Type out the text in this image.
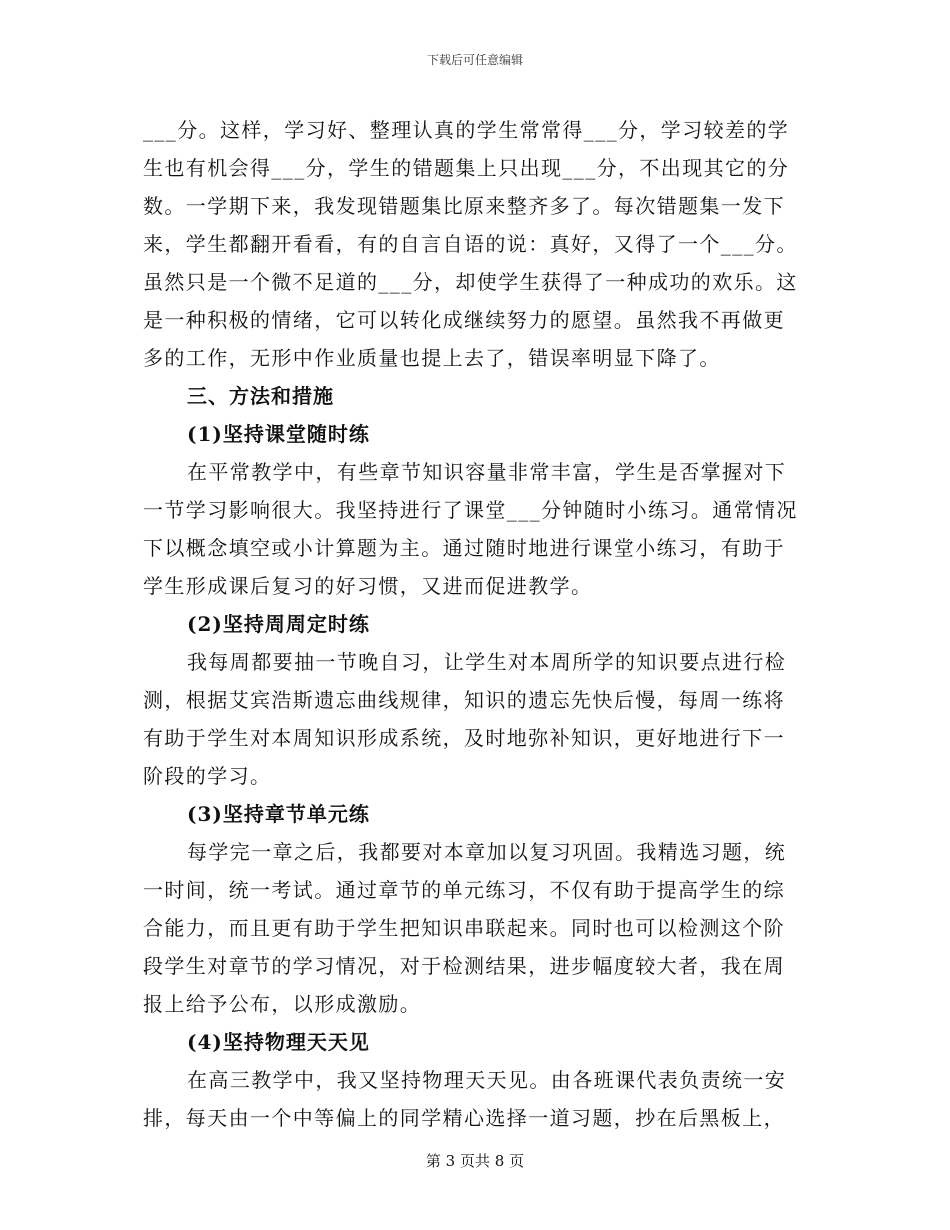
下载后可任意编辑
___分。这样，学习好、整理认真的学生常常得___分，学习较差的学
生也有机会得___分，学生的错题集上只出现___分，不出现其它的分
数。一学期下来，我发现错题集比原来整齐多了。每次错题集一发下
来，学生都翻开看看，有的自言自语的说：真好，又得了一个___分。
虽然只是一个微不足道的___分，却使学生获得了一种成功的欢乐。这
是一种积极的情绪，它可以转化成继续努力的愿望。虽然我不再做更
多的工作，无形中作业质量也提上去了，错误率明显下降了。
三、方法和措施
(1)坚持课堂随时练
在平常教学中，有些章节知识容量非常丰富，学生是否掌握对下
一节学习影响很大。我坚持进行了课堂___分钟随时小练习。通常情况
下以概念填空或小计算题为主。通过随时地进行课堂小练习，有助于
学生形成课后复习的好习惯，又进而促进教学。
(2)坚持周周定时练
我每周都要抽一节晚自习，让学生对本周所学的知识要点进行检
测，根据艾宾浩斯遗忘曲线规律，知识的遗忘先快后慢，每周一练将
有助于学生对本周知识形成系统，及时地弥补知识，更好地进行下一
阶段的学习。
(3)坚持章节单元练
每学完一章之后，我都要对本章加以复习巩固。我精选习题，统
一时间，统一考试。通过章节的单元练习，不仅有助于提高学生的综
合能力，而且更有助于学生把知识串联起来。同时也可以检测这个阶
段学生对章节的学习情况，对于检测结果，进步幅度较大者，我在周
报上给予公布，以形成激励。
(4)坚持物理天天见
在高三教学中，我又坚持物理天天见。由各班课代表负责统一安
排，每天由一个中等偏上的同学精心选择一道习题，抄在后黑板上，
第 3 页共 8 页
